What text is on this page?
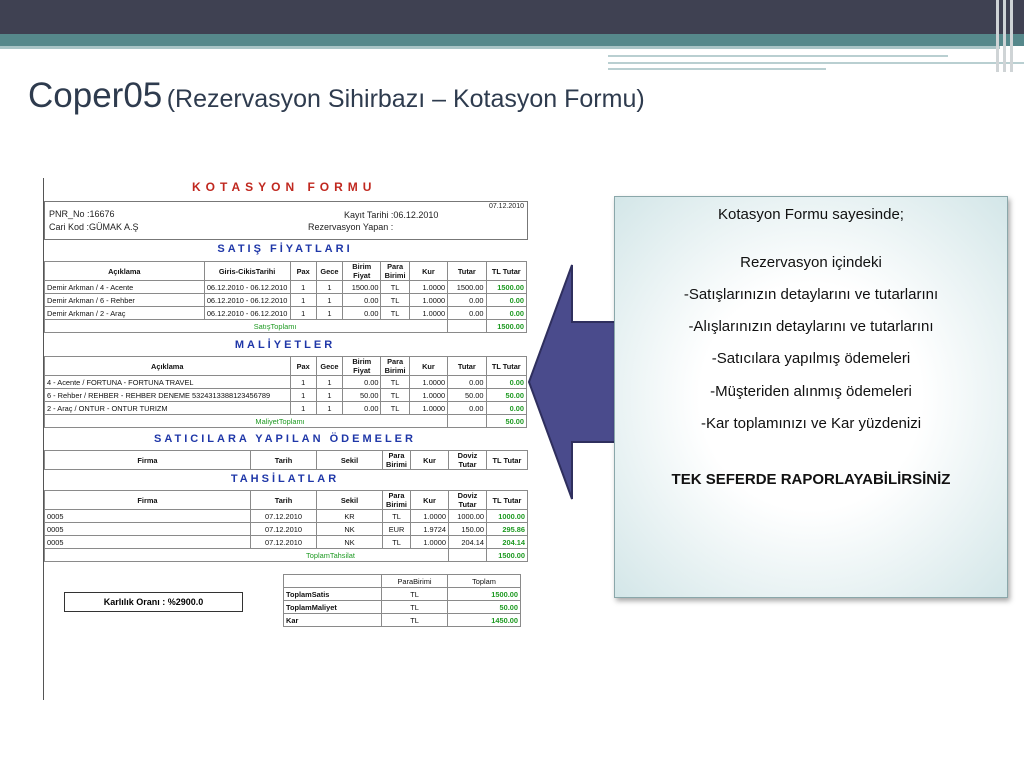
Coper05 (Rezervasyon Sihirbazı – Kotasyon Formu)
KOTASYON FORMU
07.12.2010
PNR_No :16676
Cari Kod :GÜMAK A.Ş
Kayıt Tarihi :06.12.2010
Rezervasyon Yapan :
SATIŞ FİYATLARI
Açıklama	Giris-CikisTarihi	Pax	Gece	Birim Fiyat	Para Birimi	Kur	Tutar	TL Tutar
Demir Arkman / 4 - Acente	06.12.2010 - 06.12.2010	1	1	1500.00	TL	1.0000	1500.00	1500.00
Demir Arkman / 6 - Rehber	06.12.2010 - 06.12.2010	1	1	0.00	TL	1.0000	0.00	0.00
Demir Arkman / 2 - Araç	06.12.2010 - 06.12.2010	1	1	0.00	TL	1.0000	0.00	0.00
SatışToplamı								1500.00
MALİYETLER
Açıklama	Pax	Gece	Birim Fiyat	Para Birimi	Kur	Tutar	TL Tutar
4 - Acente / FORTUNA - FORTUNA TRAVEL	1	1	0.00	TL	1.0000	0.00	0.00
6 - Rehber / REHBER - REHBER DENEME 5324313388123456789	1	1	50.00	TL	1.0000	50.00	50.00
2 - Araç / ONTUR - ONTUR TURIZM	1	1	0.00	TL	1.0000	0.00	0.00
MaliyetToplamı							50.00
SATICILARA YAPILAN ÖDEMELER
Firma	Tarih	Sekil	Para Birimi	Kur	Doviz Tutar	TL Tutar
TAHSİLATLAR
Firma	Tarih	Sekil	Para Birimi	Kur	Doviz Tutar	TL Tutar
0005	07.12.2010	KR	TL	1.0000	1000.00	1000.00
0005	07.12.2010	NK	EUR	1.9724	150.00	295.86
0005	07.12.2010	NK	TL	1.0000	204.14	204.14
ToplamTahsilat						1500.00
Karlılık Oranı : %2900.0
	ParaBirimi	Toplam
ToplamSatis	TL	1500.00
ToplamMaliyet	TL	50.00
Kar	TL	1450.00

Kotasyon Formu sayesinde;

Rezervasyon içindeki

-Satışlarınızın detaylarını ve tutarlarını

-Alışlarınızın detaylarını ve tutarlarını

-Satıcılara yapılmış ödemeleri

-Müşteriden alınmış ödemeleri

-Kar toplamınızı ve Kar yüzdenizi

TEK SEFERDE RAPORLAYABİLİRSİNİZ
